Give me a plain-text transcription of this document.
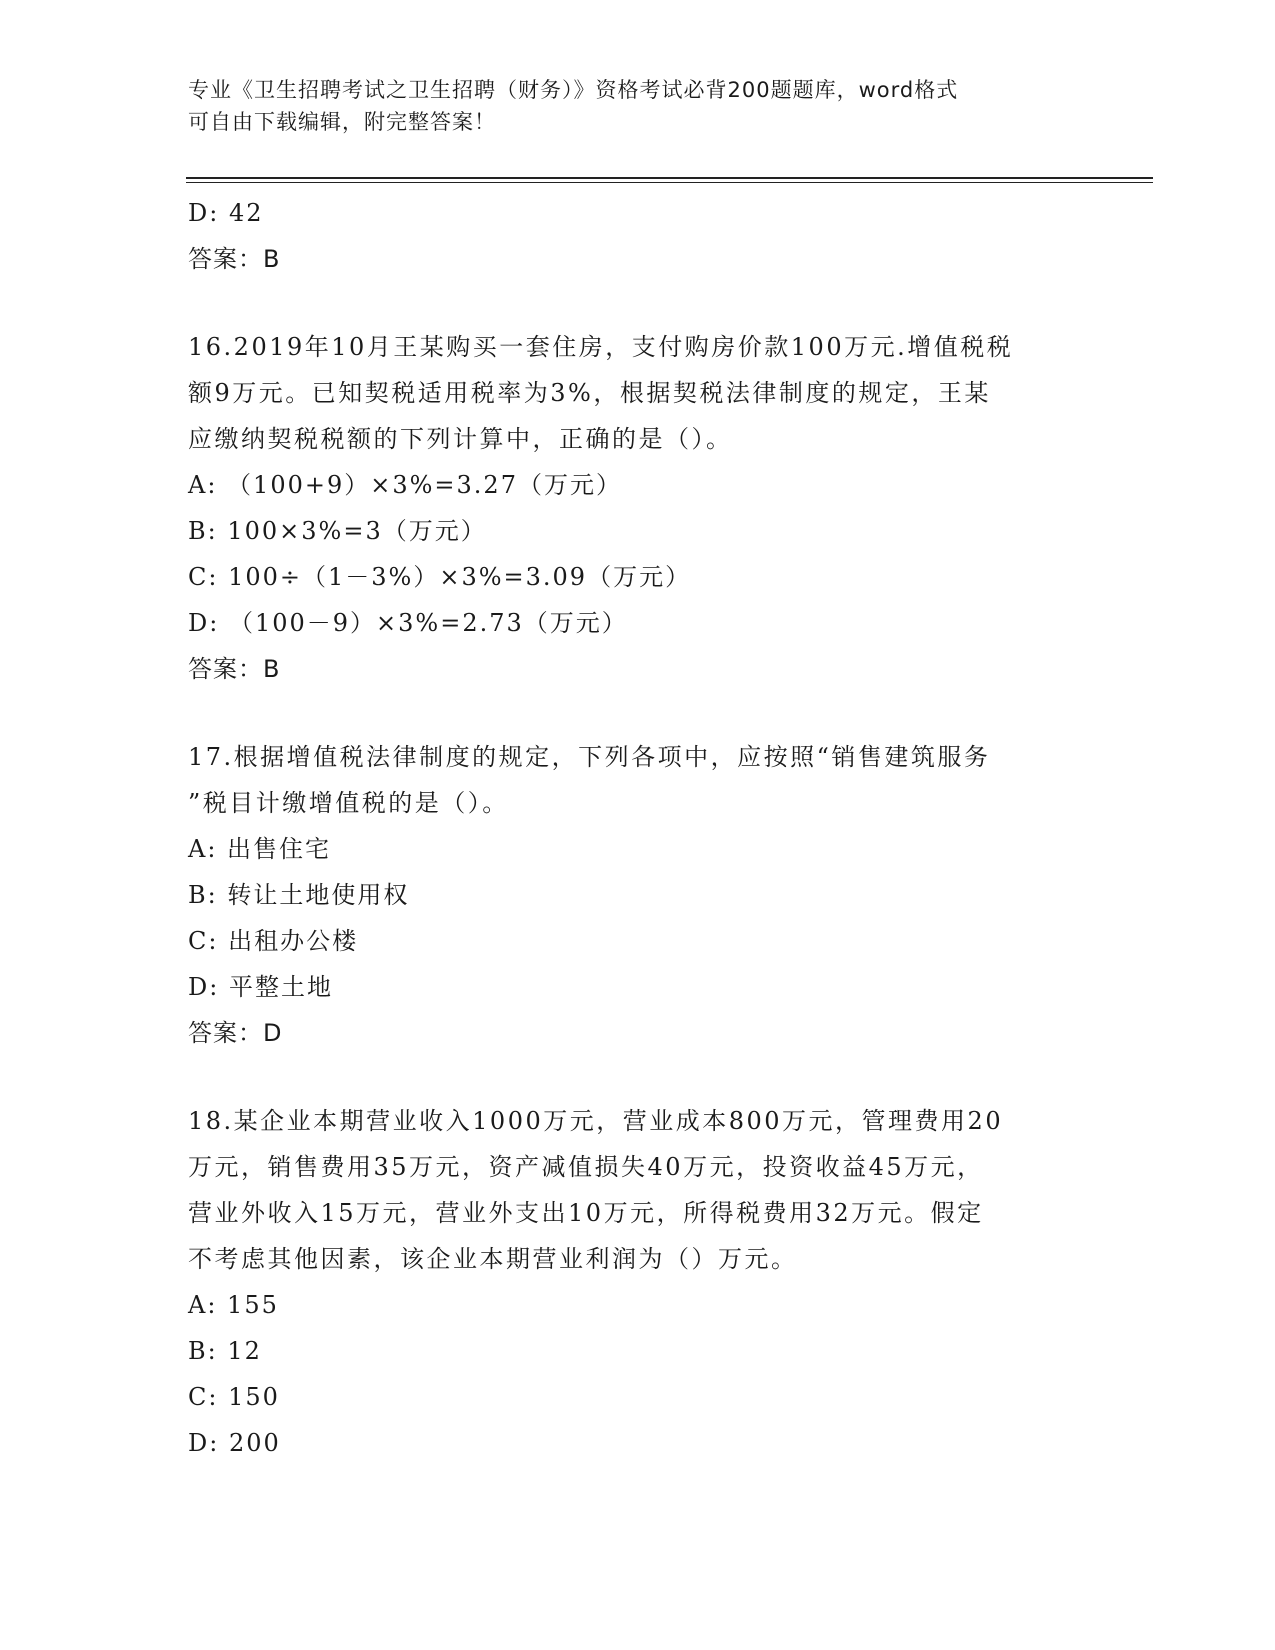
专业《卫生招聘考试之卫生招聘（财务）》资格考试必背200题题库，word格式
可自由下载编辑，附完整答案！
D: 42
答案：B
16.2019年10月王某购买一套住房，支付购房价款100万元.增值税税
额9万元。已知契税适用税率为3%，根据契税法律制度的规定，王某
应缴纳契税税额的下列计算中，正确的是（）。
A: （100+9）×3%=3.27（万元）
B: 100×3%=3（万元）
C: 100÷（1－3%）×3%=3.09（万元）
D: （100－9）×3%=2.73（万元）
答案：B
17.根据增值税法律制度的规定，下列各项中，应按照“销售建筑服务
”税目计缴增值税的是（）。
A: 出售住宅
B: 转让土地使用权
C: 出租办公楼
D: 平整土地
答案：D
18.某企业本期营业收入1000万元，营业成本800万元，管理费用20
万元，销售费用35万元，资产减值损失40万元，投资收益45万元，
营业外收入15万元，营业外支出10万元，所得税费用32万元。假定
不考虑其他因素，该企业本期营业利润为（）万元。
A: 155
B: 12
C: 150
D: 200
